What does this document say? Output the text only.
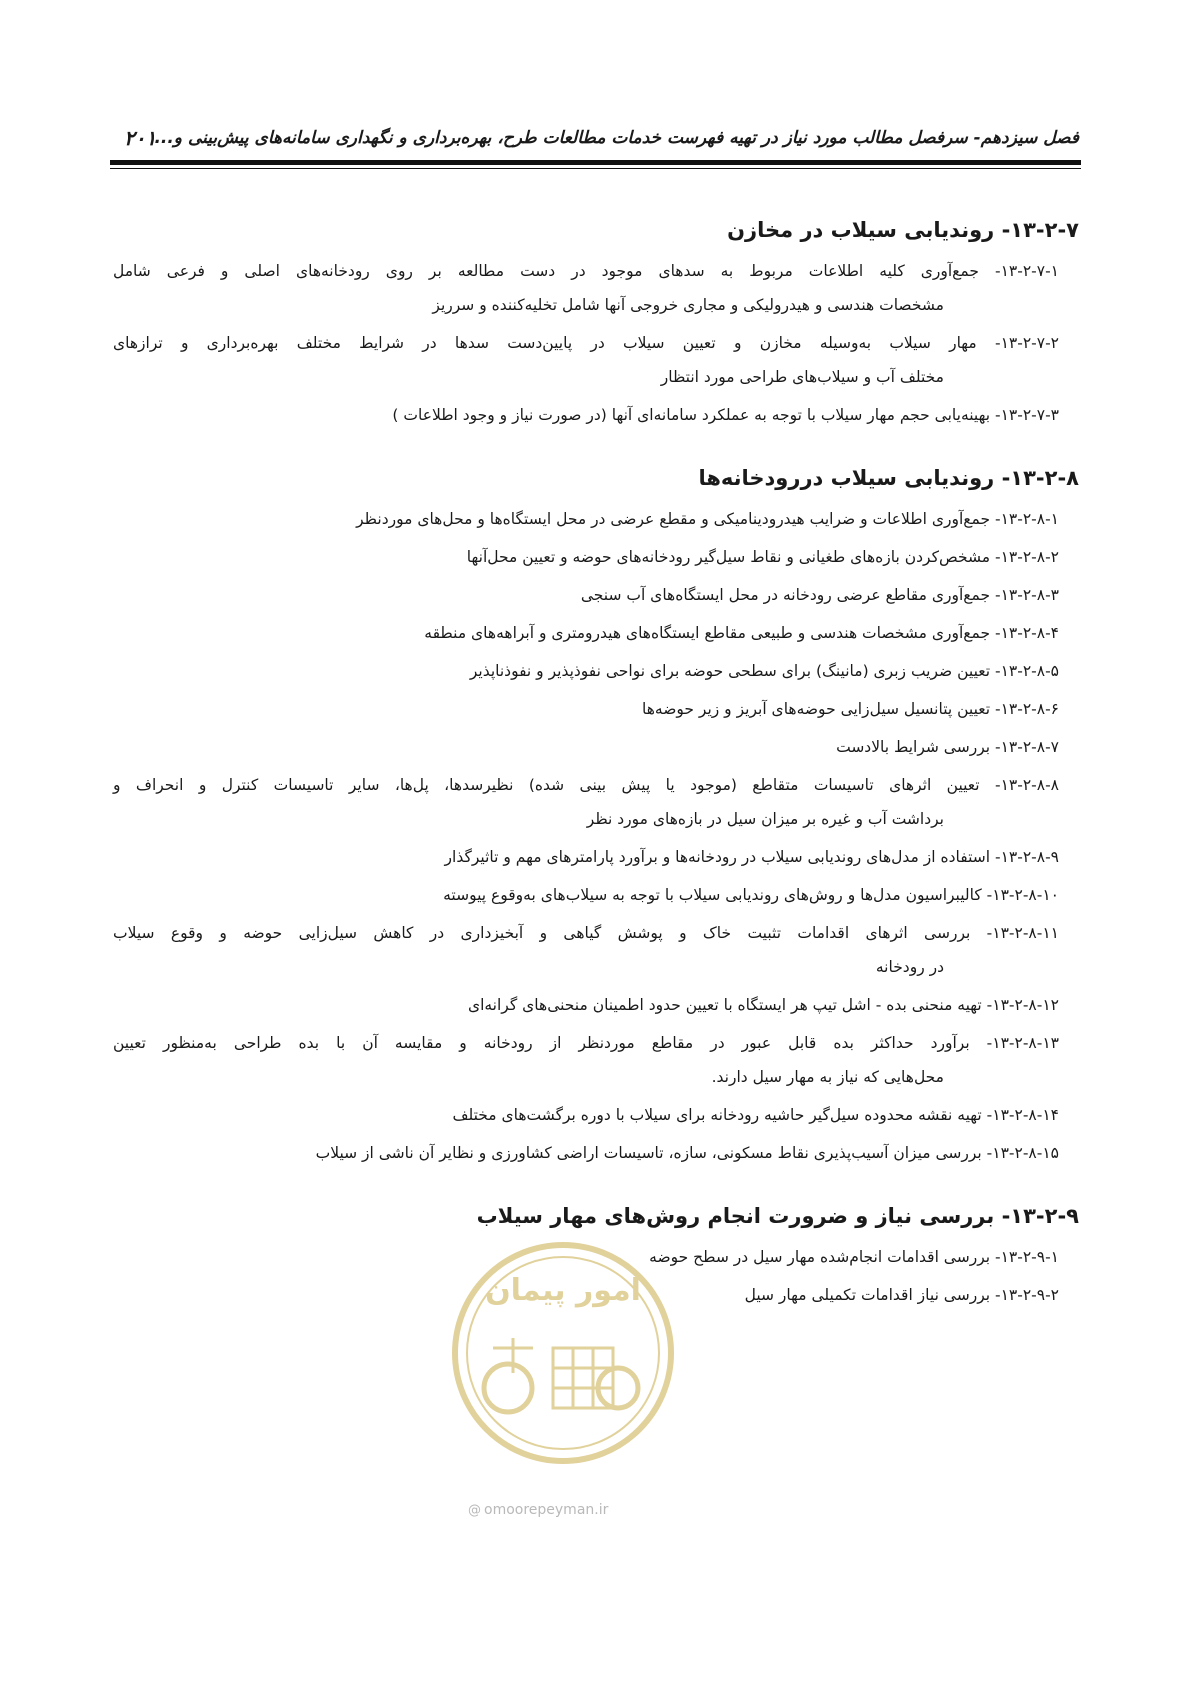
فصل سیزدهم- سرفصل مطالب مورد نیاز در تهیه فهرست خدمات مطالعات طرح، بهره‌برداری و نگهداری سامانه‌های پیش‌بینی و...
۲۰۱
۱۳-۲-۷- روندیابی سیلاب در مخازن
۱۳-۲-۷-۱- جمع‌آوری کلیه اطلاعات مربوط به سدهای موجود در دست مطالعه بر روی رودخانه‌های اصلی و فرعی شامل
مشخصات هندسی و هیدرولیکی و مجاری خروجی آنها شامل تخلیه‌کننده و سرریز
۱۳-۲-۷-۲- مهار سیلاب به‌وسیله مخازن و تعیین سیلاب در پایین‌دست سدها در شرایط مختلف بهره‌برداری و ترازهای
مختلف آب و سیلاب‌های طراحی مورد انتظار
۱۳-۲-۷-۳- بهینه‌یابی حجم مهار سیلاب با توجه به عملکرد سامانه‌ای آنها (در صورت نیاز و وجود اطلاعات )
۱۳-۲-۸- روندیابی سیلاب دررودخانه‌ها
۱۳-۲-۸-۱- جمع‌آوری اطلاعات و ضرایب هیدرودینامیکی و مقطع عرضی در محل ایستگاه‌ها و محل‌های موردنظر
۱۳-۲-۸-۲- مشخص‌کردن بازه‌های طغیانی و نقاط سیل‌گیر رودخانه‌های حوضه و تعیین محل‌آنها
۱۳-۲-۸-۳- جمع‌آوری مقاطع عرضی رودخانه در محل ایستگاه‌های آب سنجی
۱۳-۲-۸-۴- جمع‌آوری مشخصات هندسی و طبیعی مقاطع ایستگاه‌های هیدرومتری و آبراهه‌های منطقه
۱۳-۲-۸-۵- تعیین ضریب زبری (مانینگ) برای سطحی حوضه برای نواحی نفوذپذیر و نفوذناپذیر
۱۳-۲-۸-۶- تعیین پتانسیل سیل‌زایی حوضه‌های آبریز و زیر حوضه‌ها
۱۳-۲-۸-۷- بررسی شرایط بالادست
۱۳-۲-۸-۸- تعیین اثرهای تاسیسات متقاطع (موجود یا پیش بینی شده) نظیرسدها، پل‌ها، سایر تاسیسات کنترل و انحراف و
برداشت آب و غیره بر میزان سیل در بازه‌های مورد نظر
۱۳-۲-۸-۹- استفاده از مدل‌های روندیابی سیلاب در رودخانه‌ها و برآورد پارامترهای مهم و تاثیرگذار
۱۳-۲-۸-۱۰- کالیبراسیون مدل‌ها و روش‌های روندیابی سیلاب با توجه به سیلاب‌های به‌وقوع پیوسته
۱۳-۲-۸-۱۱- بررسی اثرهای اقدامات تثبیت خاک و پوشش گیاهی و آبخیزداری در کاهش سیل‌زایی حوضه و وقوع سیلاب
در رودخانه
۱۳-۲-۸-۱۲- تهیه منحنی بده - اشل تیپ هر ایستگاه با تعیین حدود اطمینان منحنی‌های گرانه‌ای
۱۳-۲-۸-۱۳- برآورد حداکثر بده قابل عبور در مقاطع موردنظر از رودخانه و مقایسه آن با بده طراحی به‌منظور تعیین
محل‌هایی که نیاز به مهار سیل دارند.
۱۳-۲-۸-۱۴- تهیه نقشه محدوده سیل‌گیر حاشیه رودخانه برای سیلاب با دوره برگشت‌های مختلف
۱۳-۲-۸-۱۵- بررسی میزان آسیب‌پذیری نقاط مسکونی، سازه، تاسیسات اراضی کشاورزی و نظایر آن ناشی از سیلاب
۱۳-۲-۹- بررسی نیاز و ضرورت انجام روش‌های مهار سیلاب
۱۳-۲-۹-۱- بررسی اقدامات انجام‌شده مهار سیل در سطح حوضه
۱۳-۲-۹-۲- بررسی نیاز اقدامات تکمیلی مهار سیل
امور پیمان
@ omoorepeyman.ir
